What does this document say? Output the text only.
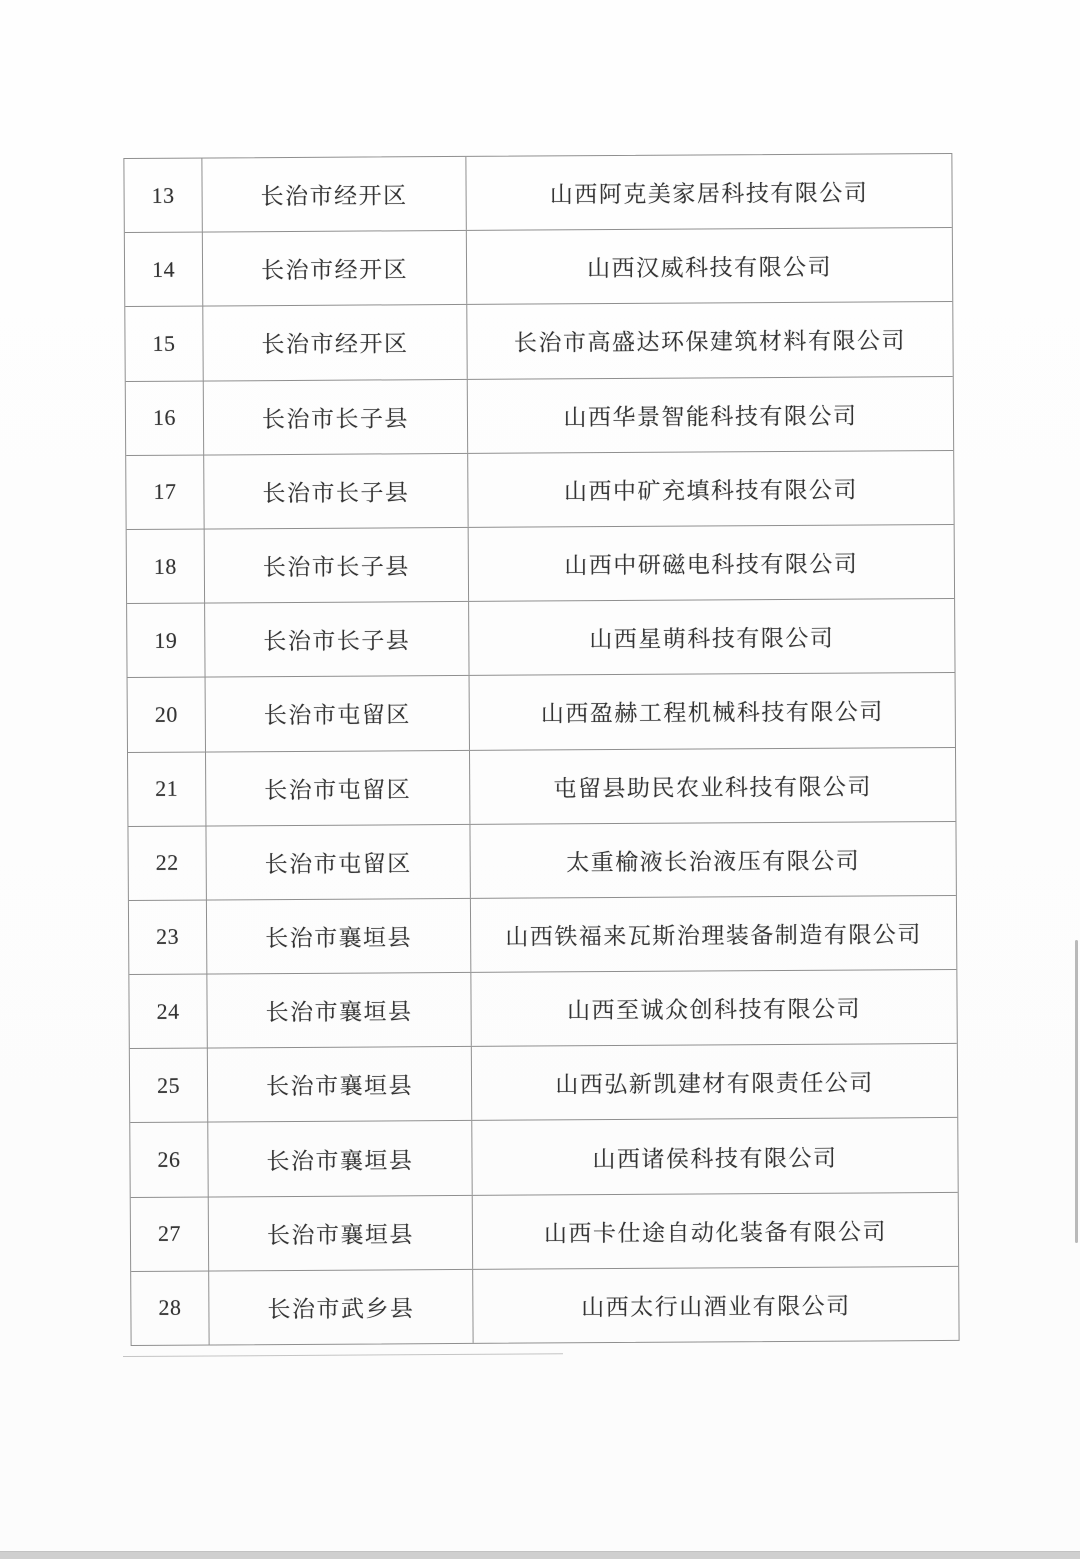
13	长治市经开区	山西阿克美家居科技有限公司
14	长治市经开区	山西汉威科技有限公司
15	长治市经开区	长治市高盛达环保建筑材料有限公司
16	长治市长子县	山西华景智能科技有限公司
17	长治市长子县	山西中矿充填科技有限公司
18	长治市长子县	山西中研磁电科技有限公司
19	长治市长子县	山西星萌科技有限公司
20	长治市屯留区	山西盈赫工程机械科技有限公司
21	长治市屯留区	屯留县助民农业科技有限公司
22	长治市屯留区	太重榆液长治液压有限公司
23	长治市襄垣县	山西铁福来瓦斯治理装备制造有限公司
24	长治市襄垣县	山西至诚众创科技有限公司
25	长治市襄垣县	山西弘新凯建材有限责任公司
26	长治市襄垣县	山西诸侯科技有限公司
27	长治市襄垣县	山西卡仕途自动化装备有限公司
28	长治市武乡县	山西太行山酒业有限公司
